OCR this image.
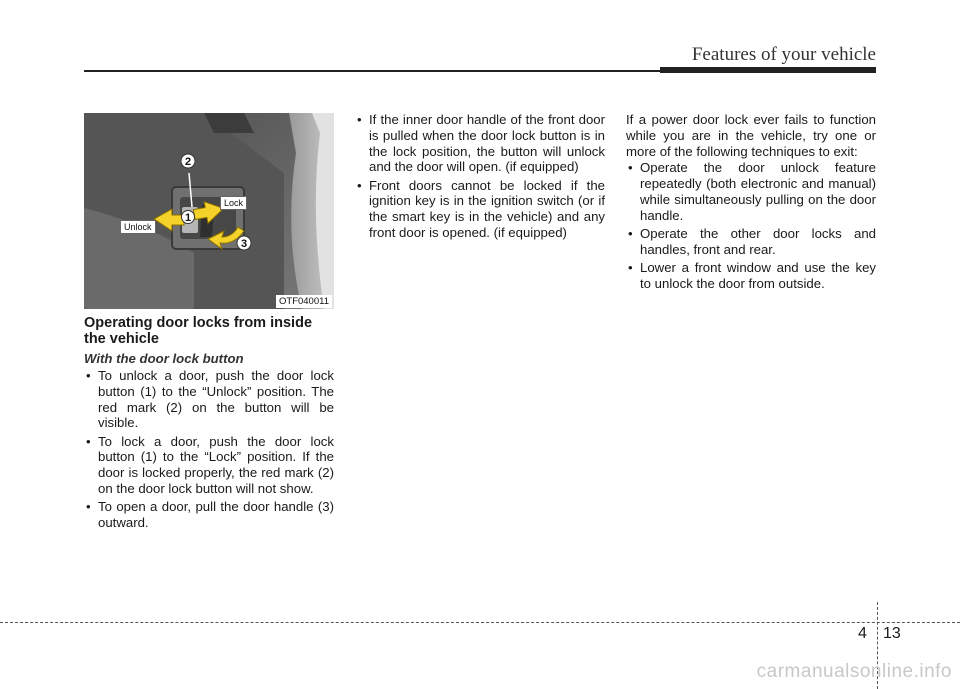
Features of your vehicle
2
1
3
Unlock
Lock
OTF040011
Operating door locks from inside
the vehicle
With the door lock button
• To unlock a door, push the door lock button (1) to the “Unlock” position. The red mark (2) on the button will be visible.
• To lock a door, push the door lock button (1) to the “Lock” position. If the door is locked properly, the red mark (2) on the door lock button will not show.
• To open a door, pull the door handle (3) outward.
• If the inner door handle of the front door is pulled when the door lock button is in the lock position, the button will unlock and the door will open. (if equipped)
• Front doors cannot be locked if the ignition key is in the ignition switch (or if the smart key is in the vehicle) and any front door is opened. (if equipped)

If a power door lock ever fails to function while you are in the vehicle, try one or more of the following techniques to exit:

• Operate the door unlock feature repeatedly (both electronic and manual) while simultaneously pulling on the door handle.
• Operate the other door locks and handles, front and rear.
• Lower a front window and use the key to unlock the door from outside.
4 13
carmanualsonline.info
